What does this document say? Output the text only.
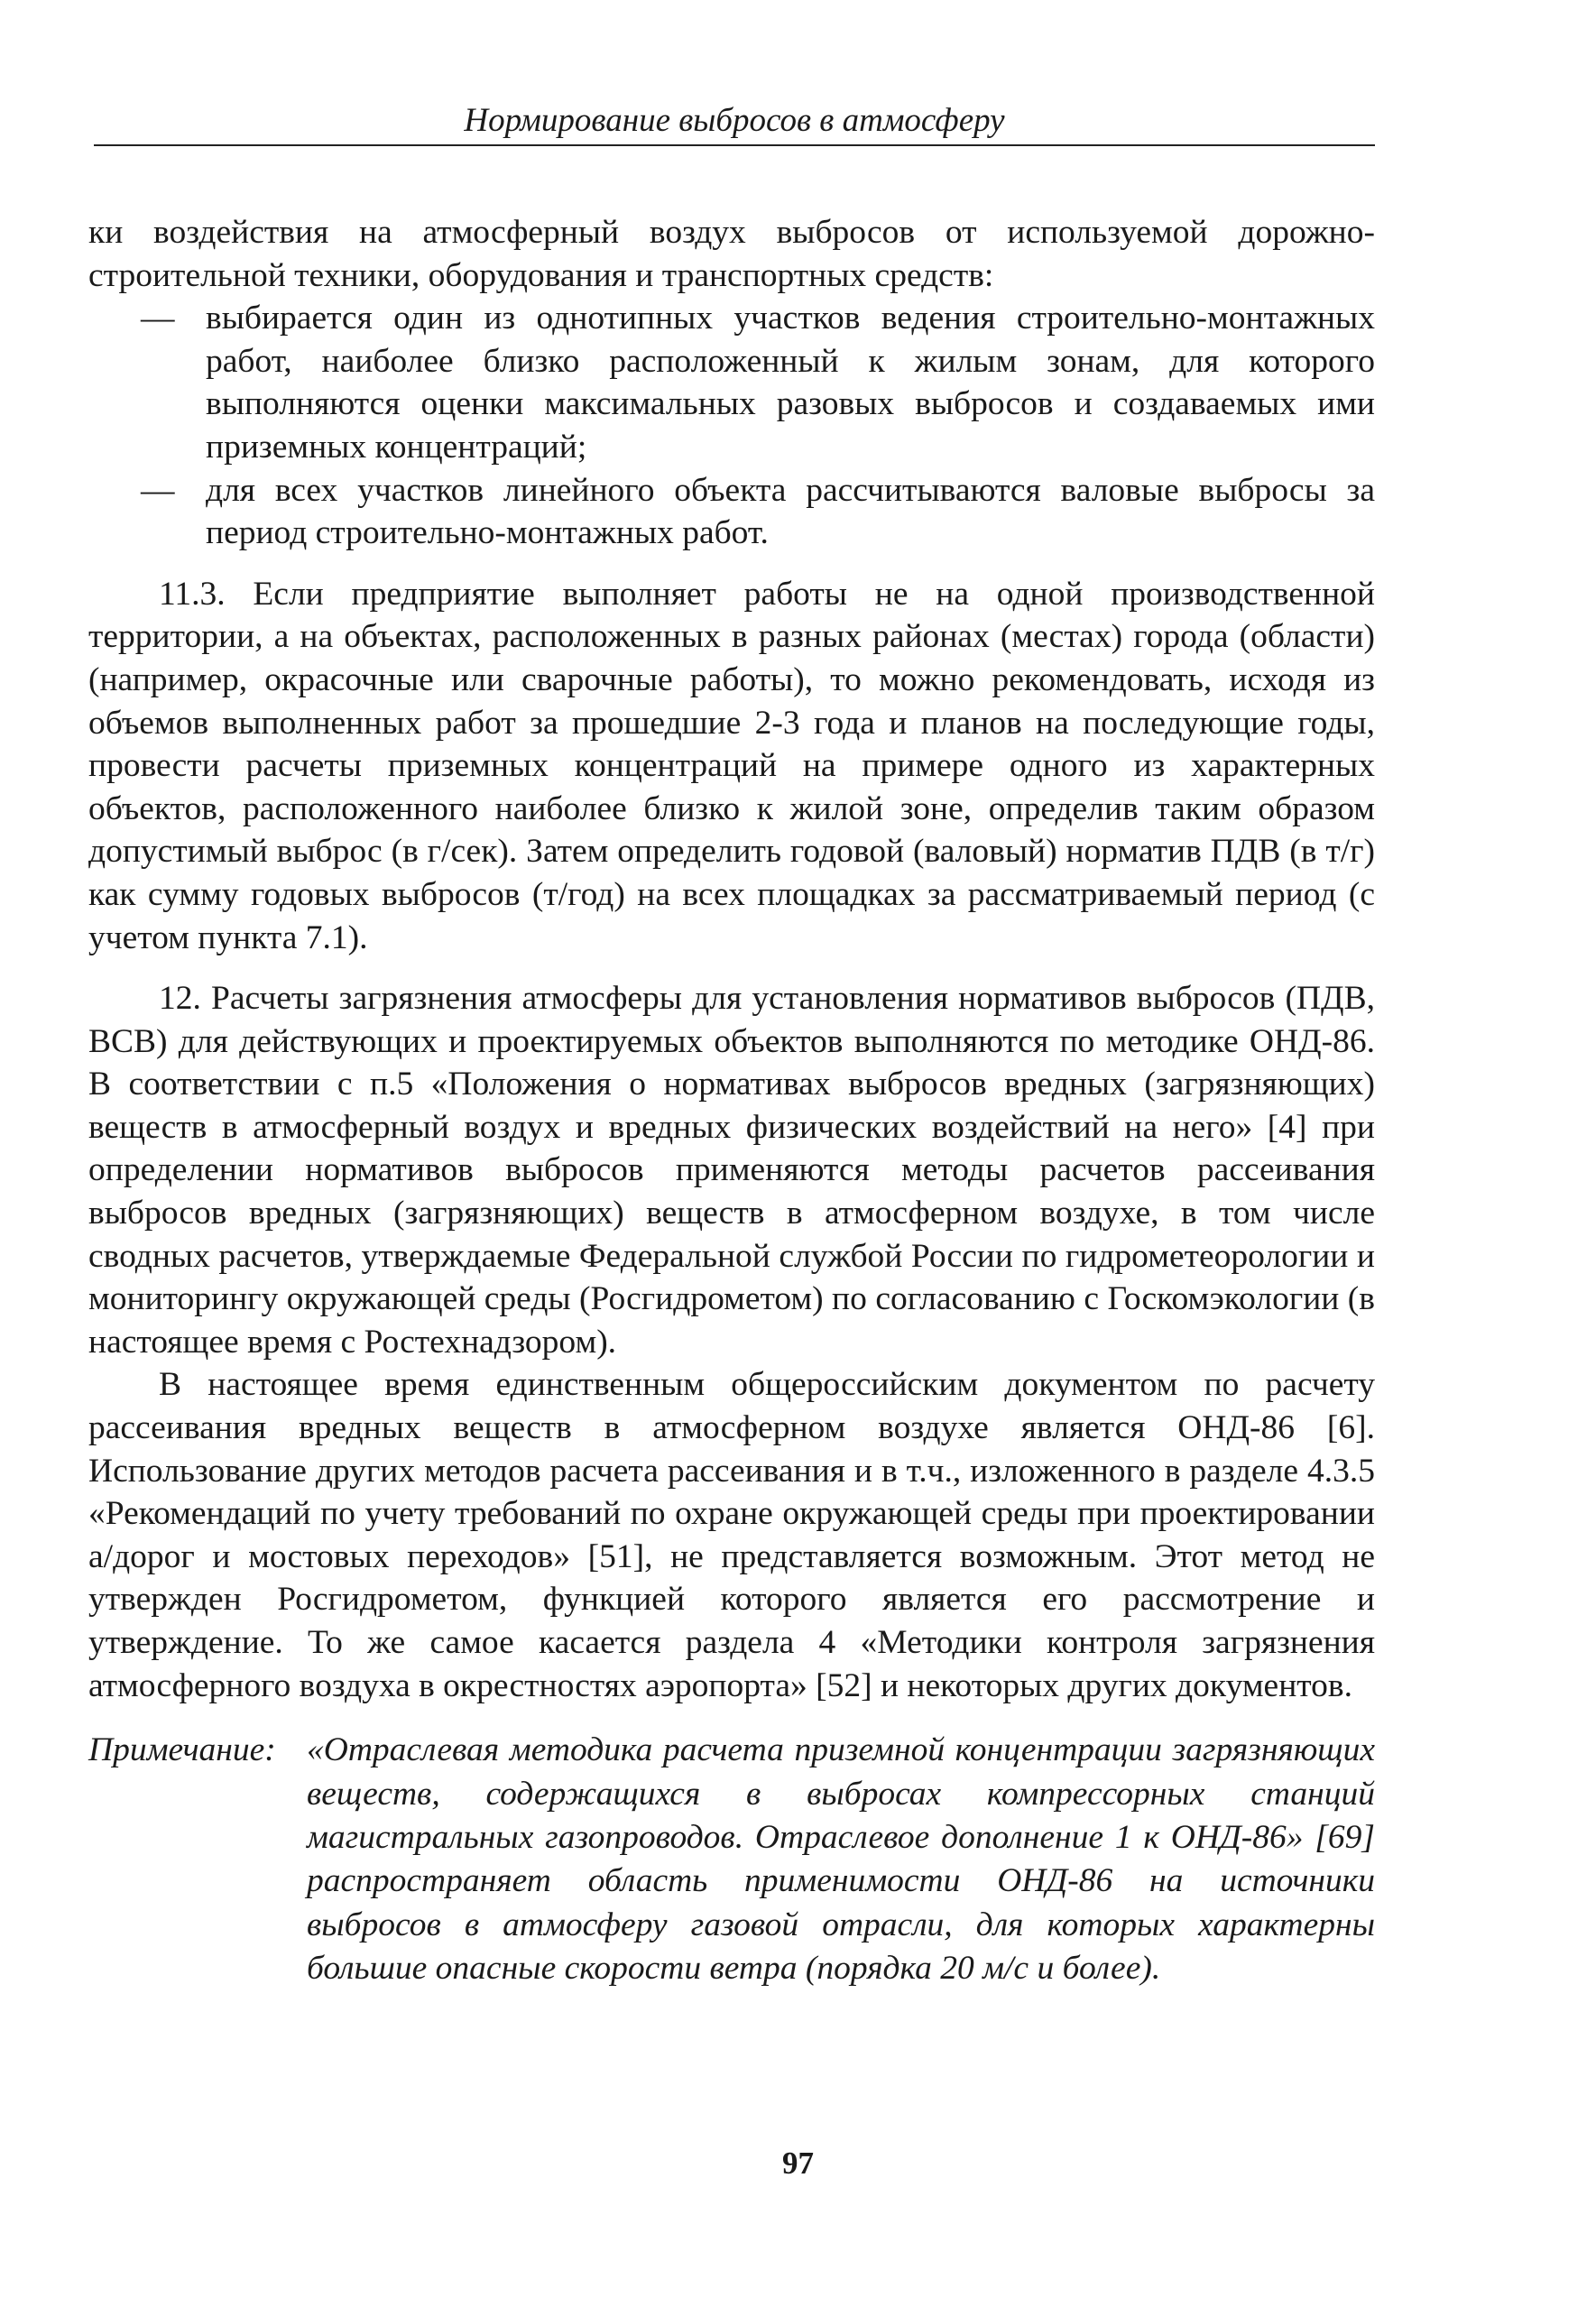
Нормирование выбросов в атмосферу

ки воздействия на атмосферный воздух выбросов от используемой дорожно-строительной техники, оборудования и транспортных средств:

— выбирается один из однотипных участков ведения строительно-монтажных работ, наиболее близко расположенный к жилым зонам, для которого выполняются оценки максимальных разовых выбросов и создаваемых ими приземных концентраций;
— для всех участков линейного объекта рассчитываются валовые выбросы за период строительно-монтажных работ.

11.3. Если предприятие выполняет работы не на одной производственной территории, а на объектах, расположенных в разных районах (местах) города (области) (например, окрасочные или сварочные работы), то можно рекомендовать, исходя из объемов выполненных работ за прошедшие 2-3 года и планов на последующие годы, провести расчеты приземных концентраций на примере одного из характерных объектов, расположенного наиболее близко к жилой зоне, определив таким образом допустимый выброс (в г/сек). Затем определить годовой (валовый) норматив ПДВ (в т/г) как сумму годовых выбросов (т/год) на всех площадках за рассматриваемый период (с учетом пункта 7.1).

12. Расчеты загрязнения атмосферы для установления нормативов выбросов (ПДВ, ВСВ) для действующих и проектируемых объектов выполняются по методике ОНД-86. В соответствии с п.5 «Положения о нормативах выбросов вредных (загрязняющих) веществ в атмосферный воздух и вредных физических воздействий на него» [4] при определении нормативов выбросов применяются методы расчетов рассеивания выбросов вредных (загрязняющих) веществ в атмосферном воздухе, в том числе сводных расчетов, утверждаемые Федеральной службой России по гидрометеорологии и мониторингу окружающей среды (Росгидрометом) по согласованию с Госкомэкологии (в настоящее время с Ростехнадзором).

В настоящее время единственным общероссийским документом по расчету рассеивания вредных веществ в атмосферном воздухе является ОНД-86 [6]. Использование других методов расчета рассеивания и в т.ч., изложенного в разделе 4.3.5 «Рекомендаций по учету требований по охране окружающей среды при проектировании а/дорог и мостовых переходов» [51], не представляется возможным. Этот метод не утвержден Росгидрометом, функцией которого является его рассмотрение и утверждение. То же самое касается раздела 4 «Методики контроля загрязнения атмосферного воздуха в окрестностях аэропорта» [52] и некоторых других документов.

Примечание: «Отраслевая методика расчета приземной концентрации загрязняющих веществ, содержащихся в выбросах компрессорных станций магистральных газопроводов. Отраслевое дополнение 1 к ОНД-86» [69] распространяет область применимости ОНД-86 на источники выбросов в атмосферу газовой отрасли, для которых характерны большие опасные скорости ветра (порядка 20 м/с и более).
97
